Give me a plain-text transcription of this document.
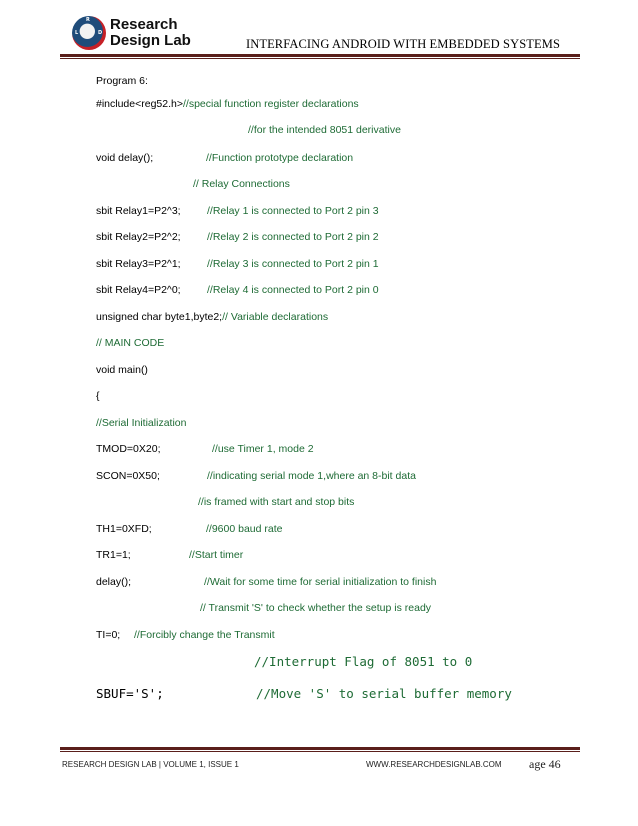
R
D
L Research
Design Lab	INTERFACING ANDROID WITH EMBEDDED SYSTEMS
Program 6:
#include<reg52.h>//special function register declarations
//for the intended 8051 derivative
void delay();	//Function prototype declaration
// Relay Connections
sbit Relay1=P2^3;	//Relay 1 is connected to Port 2 pin 3
sbit Relay2=P2^2;	//Relay 2 is connected to Port 2 pin 2
sbit Relay3=P2^1;	//Relay 3 is connected to Port 2 pin 1
sbit Relay4=P2^0;	//Relay 4 is connected to Port 2 pin 0
unsigned char byte1,byte2;// Variable declarations
// MAIN CODE
void main()
{
//Serial Initialization
TMOD=0X20;	//use Timer 1, mode 2
SCON=0X50;	//indicating serial mode 1,where an 8-bit data
//is framed with start and stop bits
TH1=0XFD;	//9600 baud rate
TR1=1;	//Start timer
delay();	//Wait for some time for serial initialization to finish
// Transmit 'S' to check whether the setup is ready
TI=0; //Forcibly change the Transmit
//Interrupt Flag of 8051 to 0
SBUF='S';	//Move 'S' to serial buffer memory
RESEARCH DESIGN LAB | VOLUME 1, ISSUE 1	WWW.RESEARCHDESIGNLAB.COM age 46
